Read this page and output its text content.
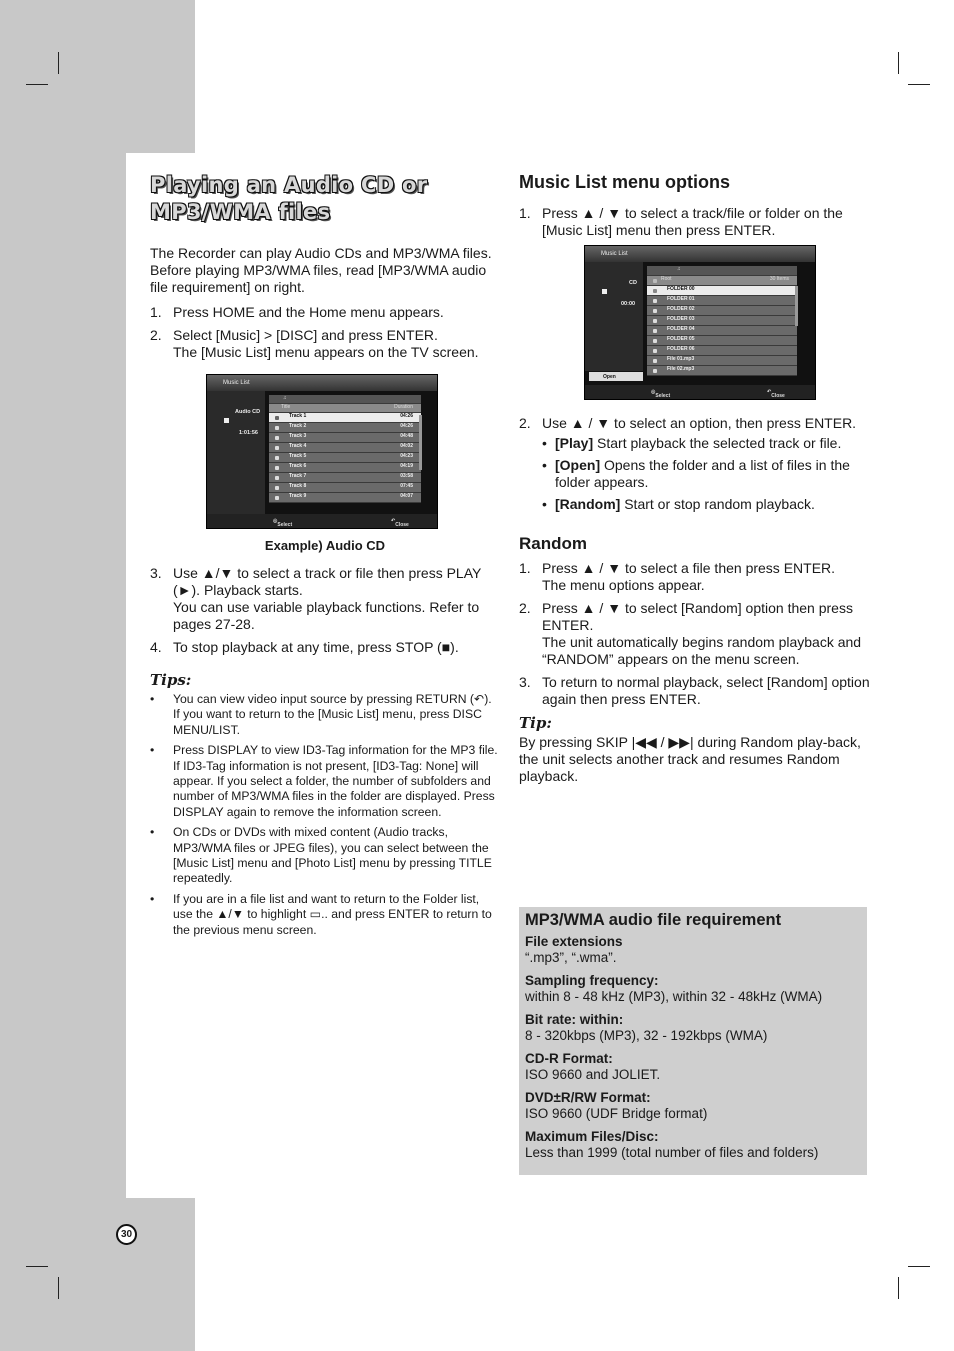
Playing an Audio CD or
MP3/WMA files

The Recorder can play Audio CDs and MP3/WMA files. Before playing MP3/WMA files, read [MP3/WMA audio file requirement] on right.

1. Press HOME and the Home menu appears.
2. Select [Music] > [DISC] and press ENTER.
The [Music List] menu appears on the TV screen.
Music List
Audio CD
1:01:56
♫
Title	Duration
Track 1	04:26
Track 2	04:26
Track 3	04:48
Track 4	04:02
Track 5	04:23
Track 6	04:19
Track 7	03:58
Track 8	07:45
Track 9	04:07
◎
Select
↶
Close
Example) Audio CD
3. Use ▲/▼ to select a track or file then press PLAY (►). Playback starts.
You can use variable playback functions. Refer to pages 27-28.
4. To stop playback at any time, press STOP (■).
Tips:
• You can view video input source by pressing RETURN (↶). If you want to return to the [Music List] menu, press DISC MENU/LIST.
• Press DISPLAY to view ID3-Tag information for the MP3 file. If ID3-Tag information is not present, [ID3-Tag: None] will appear. If you select a folder, the number of subfolders and number of MP3/WMA files in the folder are displayed. Press DISPLAY again to remove the information screen.
• On CDs or DVDs with mixed content (Audio tracks, MP3/WMA files or JPEG files), you can select between the [Music List] menu and [Photo List] menu by pressing TITLE repeatedly.
• If you are in a file list and want to return to the Folder list, use the ▲/▼ to highlight ▭.. and press ENTER to return to the previous menu screen.
Music List menu options
1. Press ▲ / ▼ to select a track/file or folder on the [Music List] menu then press ENTER.
Music List
CD
00:00
Open
♫
Root	30 Items
FOLDER 00
FOLDER 01
FOLDER 02
FOLDER 03
FOLDER 04
FOLDER 05
FOLDER 06
File 01.mp3
File 02.mp3
◎
Select
↶
Close
2. Use ▲ / ▼ to select an option, then press ENTER.
• [Play] Start playback the selected track or file.
• [Open] Opens the folder and a list of files in the folder appears.
• [Random] Start or stop random playback.
Random
1. Press ▲ / ▼ to select a file then press ENTER.
The menu options appear.
2. Press ▲ / ▼ to select [Random] option then press ENTER.
The unit automatically begins random playback and “RANDOM” appears on the menu screen.
3. To return to normal playback, select [Random] option again then press ENTER.
Tip:

By pressing SKIP |◀◀ / ▶▶| during Random play-back, the unit selects another track and resumes Random playback.

MP3/WMA audio file requirement
File extensions
“.mp3”, “.wma”.
Sampling frequency:
within 8 - 48 kHz (MP3), within 32 - 48kHz (WMA)
Bit rate: within:
8 - 320kbps (MP3), 32 - 192kbps (WMA)
CD-R Format:
ISO 9660 and JOLIET.
DVD±R/RW Format:
ISO 9660 (UDF Bridge format)
Maximum Files/Disc:
Less than 1999 (total number of files and folders)
30
